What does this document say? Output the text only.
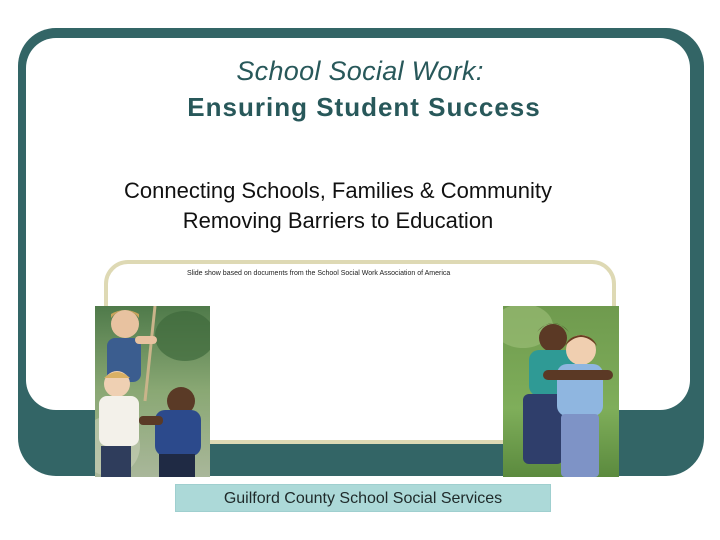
School Social Work:
Ensuring Student Success
Connecting Schools, Families & Community
Removing Barriers to Education
Slide show based on documents from the School Social Work Association of America
Guilford County School Social Services
